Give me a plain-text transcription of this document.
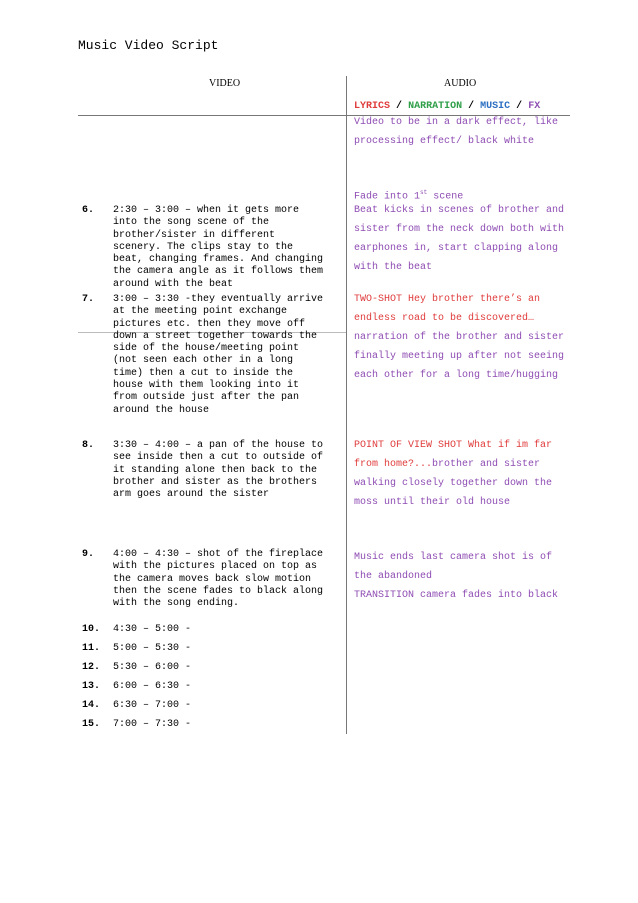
Music Video Script
VIDEO	AUDIO
LYRICS / NARRATION / MUSIC / FX
Video to be in a dark effect, like processing effect/ black white
Fade into 1st scene
6. 2:30 – 3:00 – when it gets more
into the song scene of the
brother/sister in different
scenery. The clips stay to the
beat, changing frames. And changing
the camera angle as it follows them
around with the beat
Beat kicks in scenes of brother and sister from the neck down both with earphones in, start clapping along with the beat
7. 3:00 – 3:30 -they eventually arrive
at the meeting point exchange
pictures etc. then they move off
down a street together towards the
side of the house/meeting point
(not seen each other in a long
time) then a cut to inside the
house with them looking into it
from outside just after the pan
around the house
TWO-SHOT Hey brother there’s an endless road to be discovered… narration of the brother and sister finally meeting up after not seeing each other for a long time/hugging
8. 3:30 – 4:00 – a pan of the house to
see inside then a cut to outside of
it standing alone then back to the
brother and sister as the brothers
arm goes around the sister
POINT OF VIEW SHOT What if im far from home?...brother and sister walking closely together down the moss until their old house
9. 4:00 – 4:30 – shot of the fireplace
with the pictures placed on top as
the camera moves back slow motion
then the scene fades to black along
with the song ending.
Music ends last camera shot is of the abandoned
TRANSITION camera fades into black
10. 4:30 – 5:00 -
11. 5:00 – 5:30 -
12. 5:30 – 6:00 -
13. 6:00 – 6:30 -
14. 6:30 – 7:00 -
15. 7:00 – 7:30 -
